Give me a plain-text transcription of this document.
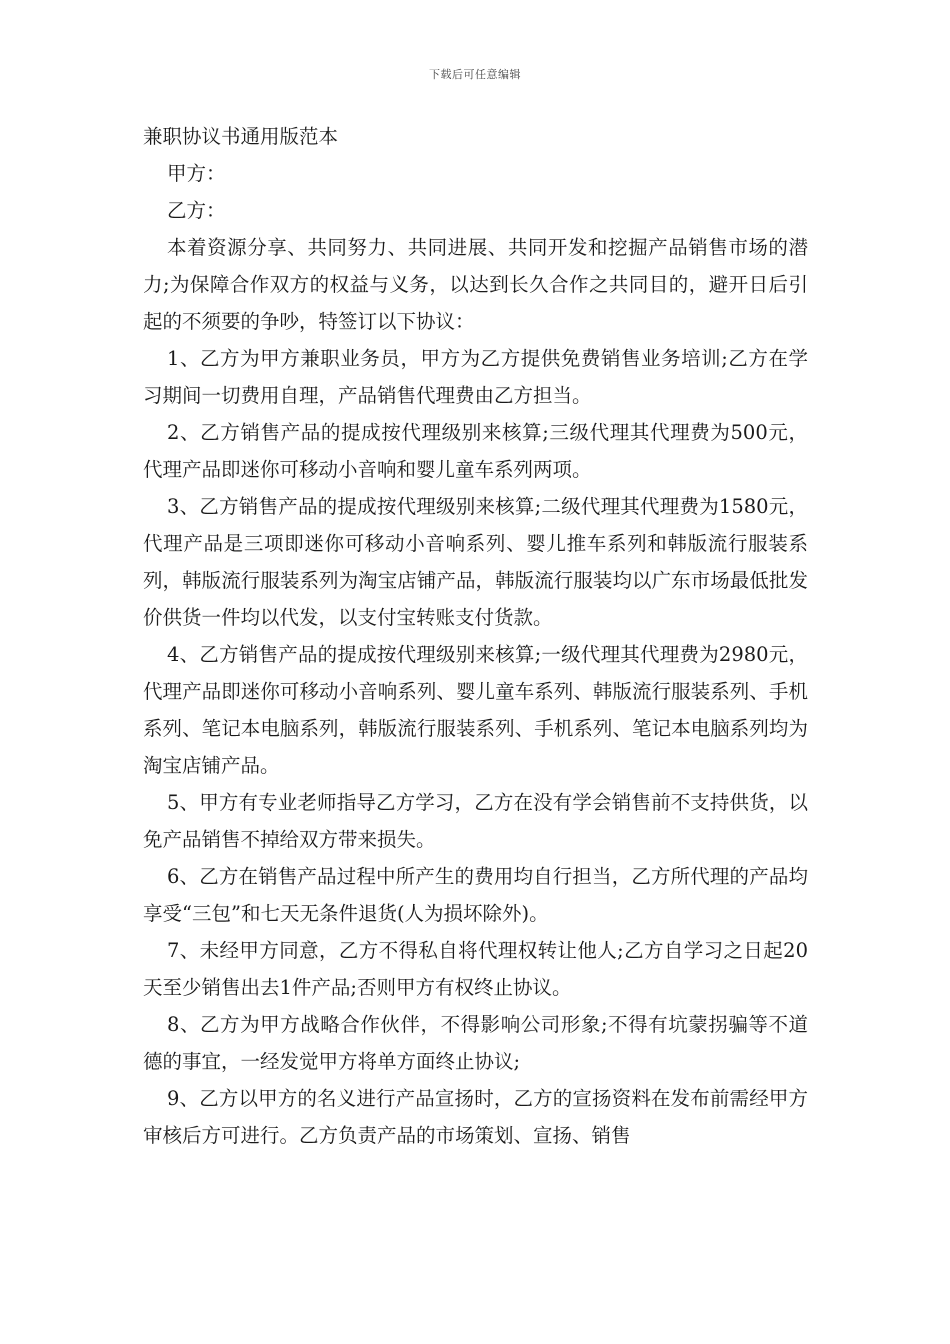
下载后可任意编辑

兼职协议书通用版范本

甲方：

乙方：

本着资源分享、共同努力、共同进展、共同开发和挖掘产品销售市场的潜力;为保障合作双方的权益与义务，以达到长久合作之共同目的，避开日后引起的不须要的争吵，特签订以下协议：

1、乙方为甲方兼职业务员，甲方为乙方提供免费销售业务培训;乙方在学习期间一切费用自理，产品销售代理费由乙方担当。

2、乙方销售产品的提成按代理级别来核算;三级代理其代理费为500元，代理产品即迷你可移动小音响和婴儿童车系列两项。

3、乙方销售产品的提成按代理级别来核算;二级代理其代理费为1580元，代理产品是三项即迷你可移动小音响系列、婴儿推车系列和韩版流行服装系列，韩版流行服装系列为淘宝店铺产品，韩版流行服装均以广东市场最低批发价供货一件均以代发，以支付宝转账支付货款。

4、乙方销售产品的提成按代理级别来核算;一级代理其代理费为2980元，代理产品即迷你可移动小音响系列、婴儿童车系列、韩版流行服装系列、手机系列、笔记本电脑系列，韩版流行服装系列、手机系列、笔记本电脑系列均为淘宝店铺产品。

5、甲方有专业老师指导乙方学习，乙方在没有学会销售前不支持供货，以免产品销售不掉给双方带来损失。

6、乙方在销售产品过程中所产生的费用均自行担当，乙方所代理的产品均享受“三包”和七天无条件退货(人为损坏除外)。

7、未经甲方同意，乙方不得私自将代理权转让他人;乙方自学习之日起20天至少销售出去1件产品;否则甲方有权终止协议。

8、乙方为甲方战略合作伙伴，不得影响公司形象;不得有坑蒙拐骗等不道德的事宜，一经发觉甲方将单方面终止协议;

9、乙方以甲方的名义进行产品宣扬时，乙方的宣扬资料在发布前需经甲方审核后方可进行。乙方负责产品的市场策划、宣扬、销售
